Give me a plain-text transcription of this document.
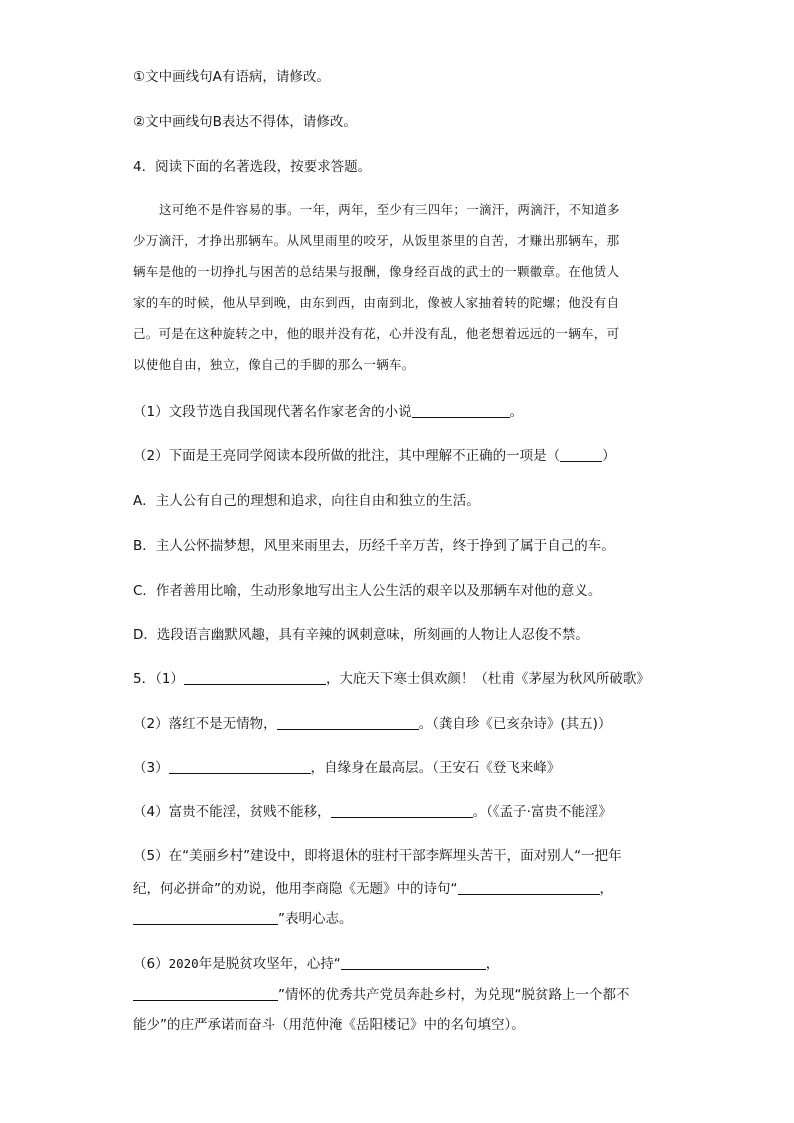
①文中画线句A有语病，请修改。
②文中画线句B表达不得体，请修改。
4．阅读下面的名著选段，按要求答题。
这可绝不是件容易的事。一年，两年，至少有三四年；一滴汗，两滴汗，不知道多
少万滴汗，才挣出那辆车。从风里雨里的咬牙，从饭里茶里的自苦，才赚出那辆车，那
辆车是他的一切挣扎与困苦的总结果与报酬，像身经百战的武士的一颗徽章。在他赁人
家的车的时候，他从早到晚，由东到西，由南到北，像被人家抽着转的陀螺；他没有自
己。可是在这种旋转之中，他的眼并没有花，心并没有乱，他老想着远远的一辆车，可
以使他自由，独立，像自己的手脚的那么一辆车。
（1）文段节选自我国现代著名作家老舍的小说	。
（2）下面是王亮同学阅读本段所做的批注，其中理解不正确的一项是（	）
A．主人公有自己的理想和追求，向往自由和独立的生活。
B．主人公怀揣梦想，风里来雨里去，历经千辛万苦，终于挣到了属于自己的车。
C．作者善用比喻，生动形象地写出主人公生活的艰辛以及那辆车对他的意义。
D．选段语言幽默风趣，具有辛辣的讽刺意味，所刻画的人物让人忍俊不禁。
5．（1）	，大庇天下寒士俱欢颜！（杜甫《茅屋为秋风所破歌》
（2）落红不是无情物，	。（龚自珍《已亥杂诗》(其五)）
（3）	，自缘身在最高层。（王安石《登飞来峰》
（4）富贵不能淫，贫贱不能移，	。（《孟子·富贵不能淫》
（5）在“美丽乡村”建设中，即将退休的驻村干部李辉埋头苦干，面对别人“一把年
纪，何必拼命”的劝说，他用李商隐《无题》中的诗句“	，
”表明心志。
（6）2020年是脱贫攻坚年，心持“	，
”情怀的优秀共产党员奔赴乡村，为兑现“脱贫路上一个都不
能少”的庄严承诺而奋斗（用范仲淹《岳阳楼记》中的名句填空）。
